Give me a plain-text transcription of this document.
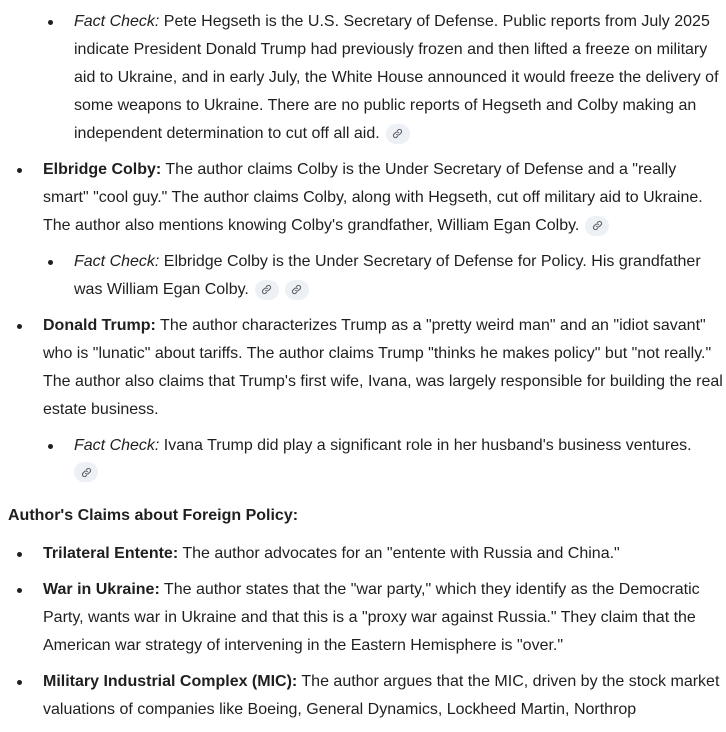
Fact Check: Pete Hegseth is the U.S. Secretary of Defense. Public reports from July 2025 indicate President Donald Trump had previously frozen and then lifted a freeze on military aid to Ukraine, and in early July, the White House announced it would freeze the delivery of some weapons to Ukraine. There are no public reports of Hegseth and Colby making an independent determination to cut off all aid.
Elbridge Colby: The author claims Colby is the Under Secretary of Defense and a "really smart" "cool guy." The author claims Colby, along with Hegseth, cut off military aid to Ukraine. The author also mentions knowing Colby's grandfather, William Egan Colby.
Fact Check: Elbridge Colby is the Under Secretary of Defense for Policy. His grandfather was William Egan Colby.
Donald Trump: The author characterizes Trump as a "pretty weird man" and an "idiot savant" who is "lunatic" about tariffs. The author claims Trump "thinks he makes policy" but "not really." The author also claims that Trump's first wife, Ivana, was largely responsible for building the real estate business.
Fact Check: Ivana Trump did play a significant role in her husband's business ventures.
Author's Claims about Foreign Policy:
Trilateral Entente: The author advocates for an "entente with Russia and China."
War in Ukraine: The author states that the "war party," which they identify as the Democratic Party, wants war in Ukraine and that this is a "proxy war against Russia." They claim that the American war strategy of intervening in the Eastern Hemisphere is "over."
Military Industrial Complex (MIC): The author argues that the MIC, driven by the stock market valuations of companies like Boeing, General Dynamics, Lockheed Martin, Northrop
